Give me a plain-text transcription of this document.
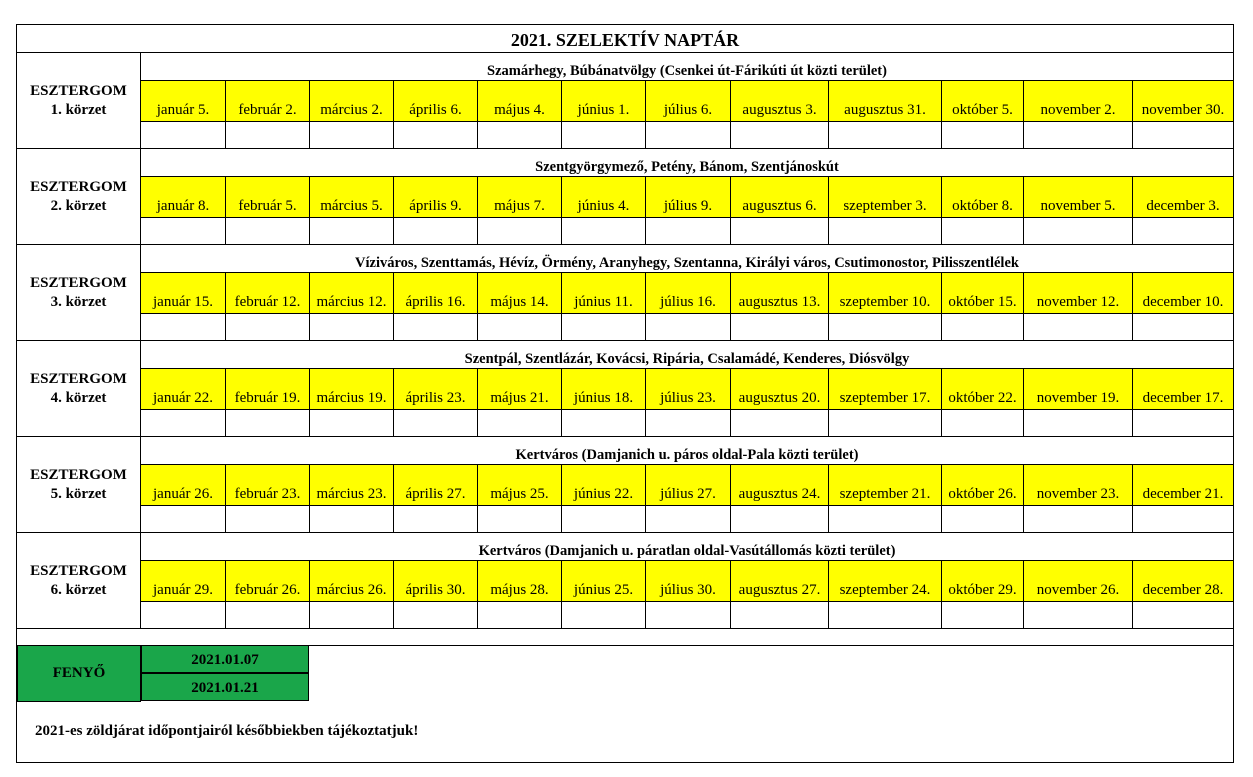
2021. SZELEKTÍV NAPTÁR
ESZTERGOM
1. körzet
Szamárhegy, Búbánatvölgy (Csenkei út-Fárikúti út közti terület)
január 5.	február 2.	március 2.	április 6.	május 4.	június 1.	július 6.	augusztus 3.	augusztus 31.	október 5.	november 2.	november 30.
ESZTERGOM
2. körzet
Szentgyörgymező, Petény, Bánom, Szentjánoskút
január 8.	február 5.	március 5.	április 9.	május 7.	június 4.	július 9.	augusztus 6.	szeptember 3.	október 8.	november 5.	december 3.
ESZTERGOM
3. körzet
Víziváros, Szenttamás, Hévíz, Örmény, Aranyhegy, Szentanna, Királyi város, Csutimonostor, Pilisszentlélek
január 15.	február 12.	március 12.	április 16.	május 14.	június 11.	július 16.	augusztus 13.	szeptember 10.	október 15.	november 12.	december 10.
ESZTERGOM
4. körzet
Szentpál, Szentlázár, Kovácsi, Ripária, Csalamádé, Kenderes, Diósvölgy
január 22.	február 19.	március 19.	április 23.	május 21.	június 18.	július 23.	augusztus 20.	szeptember 17.	október 22.	november 19.	december 17.
ESZTERGOM
5. körzet
Kertváros (Damjanich u. páros oldal-Pala közti terület)
január 26.	február 23.	március 23.	április 27.	május 25.	június 22.	július 27.	augusztus 24.	szeptember 21.	október 26.	november 23.	december 21.
ESZTERGOM
6. körzet
Kertváros (Damjanich u. páratlan oldal-Vasútállomás közti terület)
január 29.	február 26.	március 26.	április 30.	május 28.	június 25.	július 30.	augusztus 27.	szeptember 24.	október 29.	november 26.	december 28.
FENYŐ
2021.01.07
2021.01.21
2021-es zöldjárat időpontjairól későbbiekben tájékoztatjuk!
